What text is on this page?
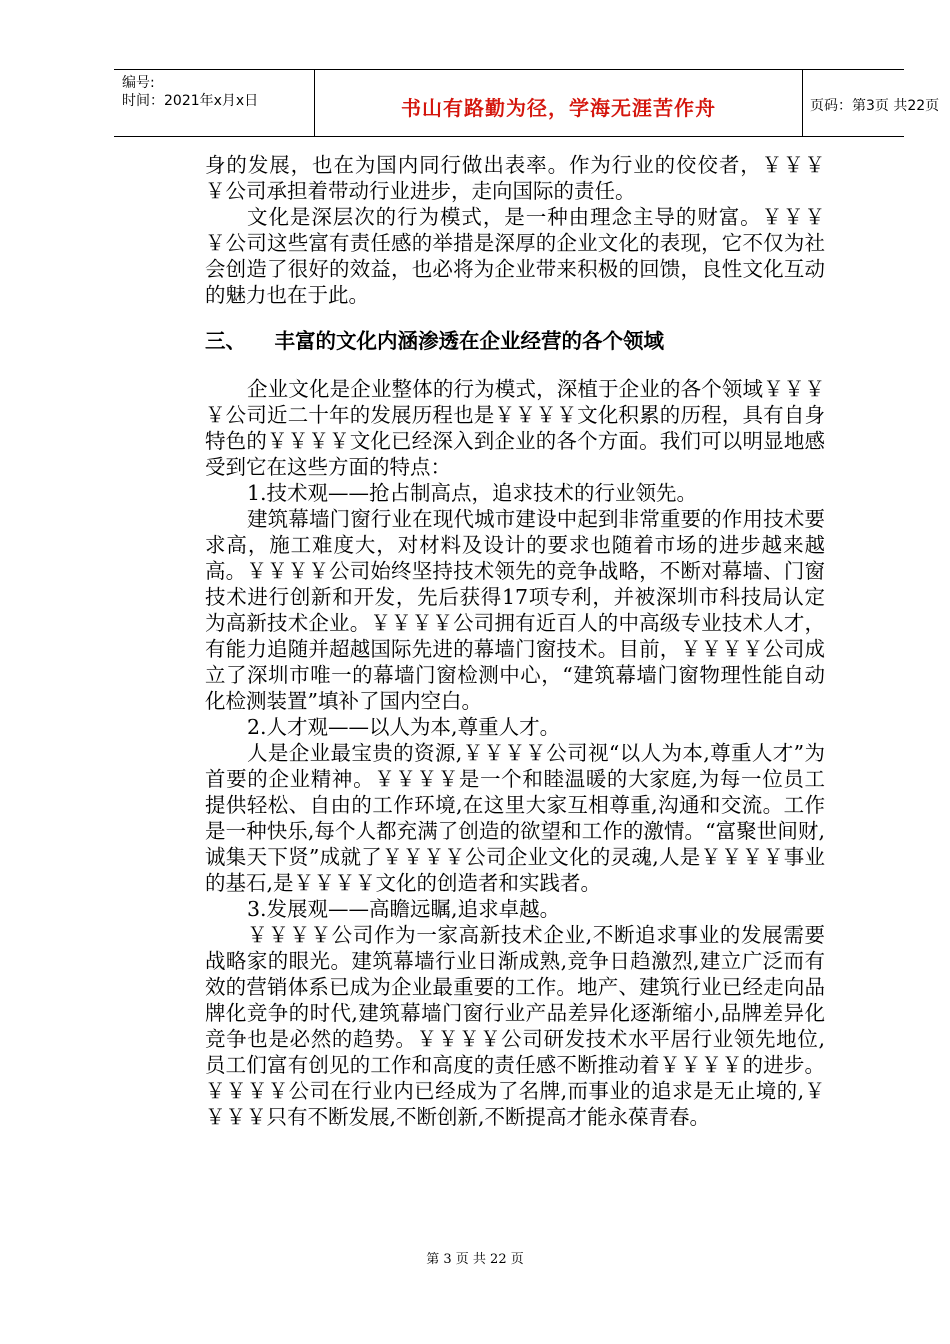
编号:
时间：2021年x月x日	书山有路勤为径，学海无涯苦作舟	页码：第3页 共22页

身的发展，也在为国内同行做出表率。作为行业的佼佼者，￥￥￥￥公司承担着带动行业进步，走向国际的责任。

文化是深层次的行为模式，是一种由理念主导的财富。￥￥￥￥公司这些富有责任感的举措是深厚的企业文化的表现，它不仅为社会创造了很好的效益，也必将为企业带来积极的回馈，良性文化互动的魅力也在于此。

三、    丰富的文化内涵渗透在企业经营的各个领域

企业文化是企业整体的行为模式，深植于企业的各个领域￥￥￥￥公司近二十年的发展历程也是￥￥￥￥文化积累的历程，具有自身特色的￥￥￥￥文化已经深入到企业的各个方面。我们可以明显地感受到它在这些方面的特点：

1.技术观——抢占制高点，追求技术的行业领先。

建筑幕墙门窗行业在现代城市建设中起到非常重要的作用技术要求高，施工难度大，对材料及设计的要求也随着市场的进步越来越高。￥￥￥￥公司始终坚持技术领先的竞争战略，不断对幕墙、门窗技术进行创新和开发，先后获得17项专利，并被深圳市科技局认定为高新技术企业。￥￥￥￥公司拥有近百人的中高级专业技术人才，有能力追随并超越国际先进的幕墙门窗技术。目前，￥￥￥￥公司成立了深圳市唯一的幕墙门窗检测中心，“建筑幕墙门窗物理性能自动化检测装置”填补了国内空白。

2.人才观——以人为本,尊重人才。

人是企业最宝贵的资源,￥￥￥￥公司视“以人为本,尊重人才”为首要的企业精神。￥￥￥￥是一个和睦温暖的大家庭,为每一位员工提供轻松、自由的工作环境,在这里大家互相尊重,沟通和交流。工作是一种快乐,每个人都充满了创造的欲望和工作的激情。“富聚世间财,诚集天下贤”成就了￥￥￥￥公司企业文化的灵魂,人是￥￥￥￥事业的基石,是￥￥￥￥文化的创造者和实践者。

3.发展观——高瞻远瞩,追求卓越。

￥￥￥￥公司作为一家高新技术企业,不断追求事业的发展需要战略家的眼光。建筑幕墙行业日渐成熟,竞争日趋激烈,建立广泛而有效的营销体系已成为企业最重要的工作。地产、建筑行业已经走向品牌化竞争的时代,建筑幕墙门窗行业产品差异化逐渐缩小,品牌差异化竞争也是必然的趋势。￥￥￥￥公司研发技术水平居行业领先地位,员工们富有创见的工作和高度的责任感不断推动着￥￥￥￥的进步。￥￥￥￥公司在行业内已经成为了名牌,而事业的追求是无止境的,￥￥￥￥只有不断发展,不断创新,不断提高才能永葆青春。

第 3 页 共 22 页
